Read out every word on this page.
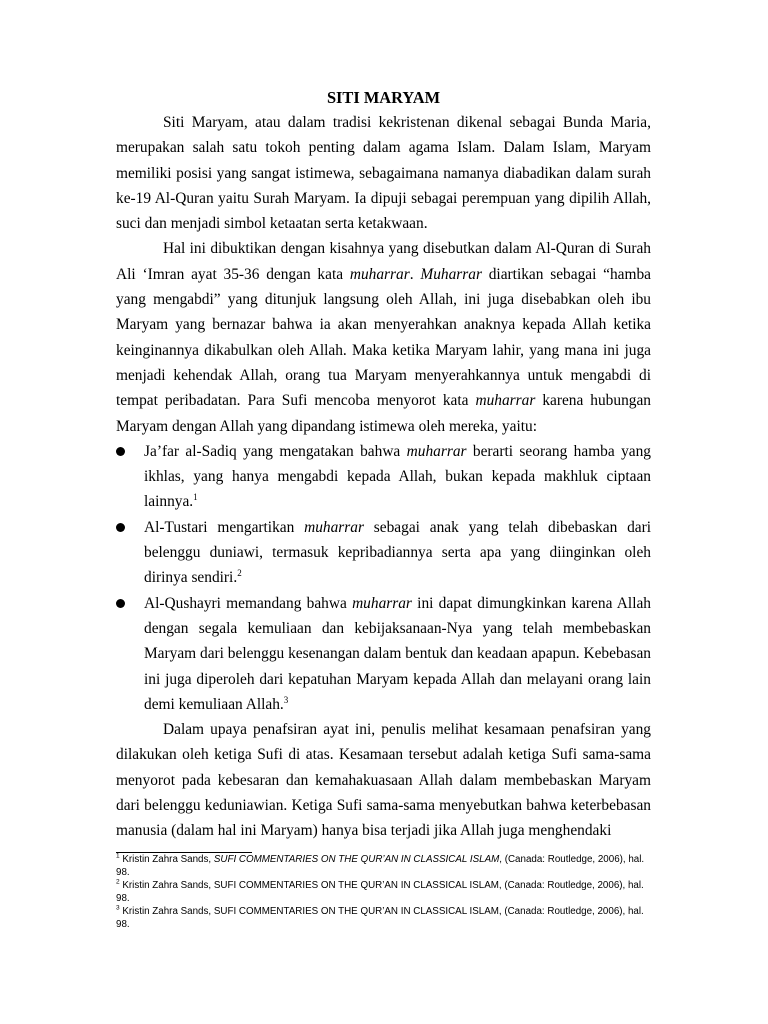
SITI MARYAM

Siti Maryam, atau dalam tradisi kekristenan dikenal sebagai Bunda Maria, merupakan salah satu tokoh penting dalam agama Islam. Dalam Islam, Maryam memiliki posisi yang sangat istimewa, sebagaimana namanya diabadikan dalam surah ke-19 Al-Quran yaitu Surah Maryam. Ia dipuji sebagai perempuan yang dipilih Allah, suci dan menjadi simbol ketaatan serta ketakwaan.

Hal ini dibuktikan dengan kisahnya yang disebutkan dalam Al-Quran di Surah Ali ‘Imran ayat 35-36 dengan kata muharrar. Muharrar diartikan sebagai “hamba yang mengabdi” yang ditunjuk langsung oleh Allah, ini juga disebabkan oleh ibu Maryam yang bernazar bahwa ia akan menyerahkan anaknya kepada Allah ketika keinginannya dikabulkan oleh Allah. Maka ketika Maryam lahir, yang mana ini juga menjadi kehendak Allah, orang tua Maryam menyerahkannya untuk mengabdi di tempat peribadatan. Para Sufi mencoba menyorot kata muharrar karena hubungan Maryam dengan Allah yang dipandang istimewa oleh mereka, yaitu:

Ja’far al-Sadiq yang mengatakan bahwa muharrar berarti seorang hamba yang ikhlas, yang hanya mengabdi kepada Allah, bukan kepada makhluk ciptaan lainnya.$^1$
Al-Tustari mengartikan muharrar sebagai anak yang telah dibebaskan dari belenggu duniawi, termasuk kepribadiannya serta apa yang diinginkan oleh dirinya sendiri.$^2$
Al-Qushayri memandang bahwa muharrar ini dapat dimungkinkan karena Allah dengan segala kemuliaan dan kebijaksanaan-Nya yang telah membebaskan Maryam dari belenggu kesenangan dalam bentuk dan keadaan apapun. Kebebasan ini juga diperoleh dari kepatuhan Maryam kepada Allah dan melayani orang lain demi kemuliaan Allah.$^3$

Dalam upaya penafsiran ayat ini, penulis melihat kesamaan penafsiran yang dilakukan oleh ketiga Sufi di atas. Kesamaan tersebut adalah ketiga Sufi sama-sama menyorot pada kebesaran dan kemahakuasaan Allah dalam membebaskan Maryam dari belenggu keduniawian. Ketiga Sufi sama-sama menyebutkan bahwa keterbebasan manusia (dalam hal ini Maryam) hanya bisa terjadi jika Allah juga menghendaki

$^1$ Kristin Zahra Sands, SUFI COMMENTARIES ON THE QUR’AN IN CLASSICAL ISLAM, (Canada: Routledge, 2006), hal. 98.
$^2$ Kristin Zahra Sands, SUFI COMMENTARIES ON THE QUR’AN IN CLASSICAL ISLAM, (Canada: Routledge, 2006), hal. 98.
$^3$ Kristin Zahra Sands, SUFI COMMENTARIES ON THE QUR’AN IN CLASSICAL ISLAM, (Canada: Routledge, 2006), hal. 98.
